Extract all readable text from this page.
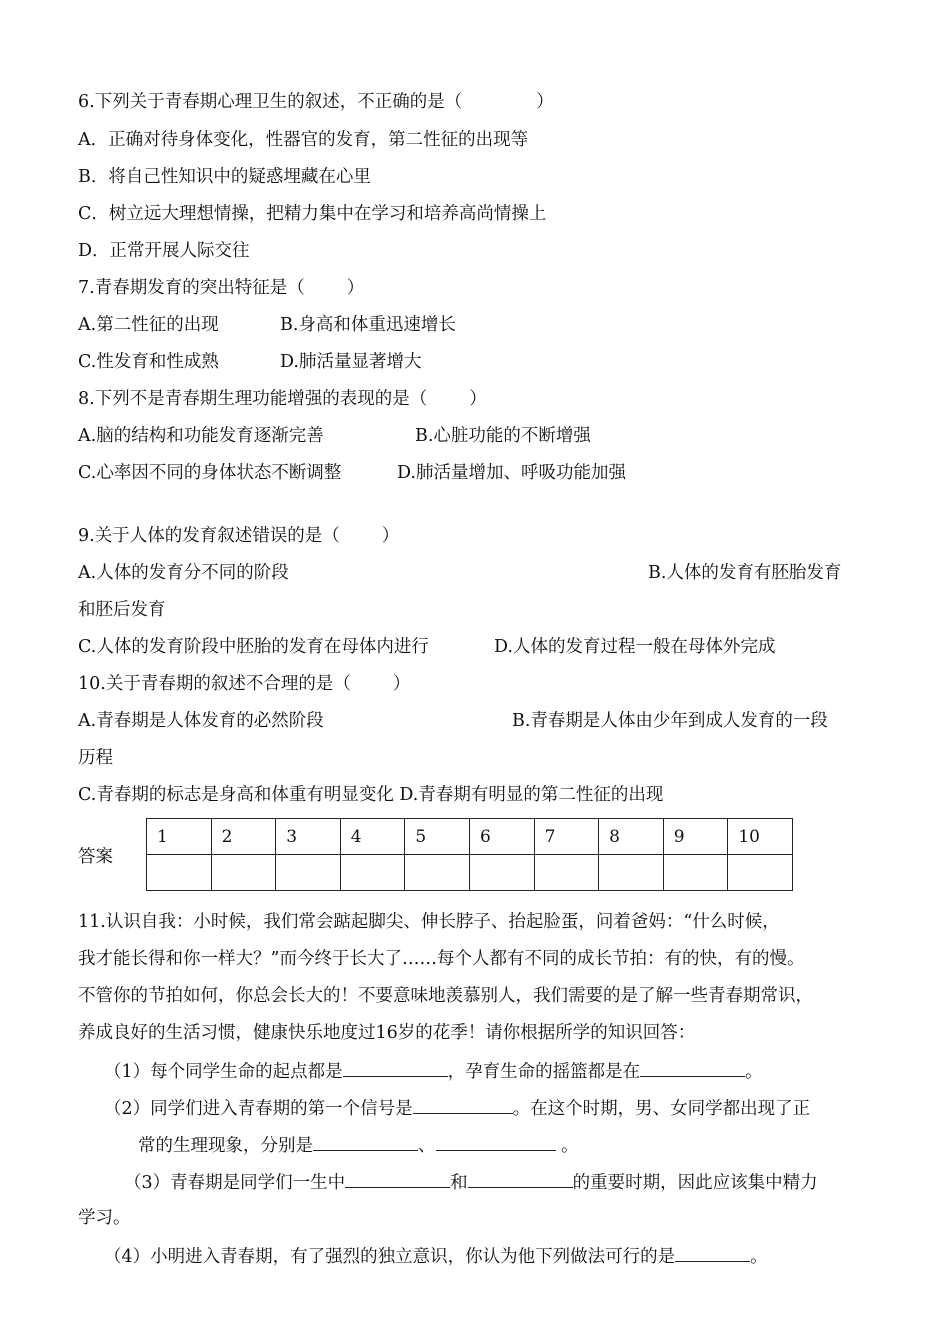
6.下列关于青春期心理卫生的叙述，不正确的是（	）
A．正确对待身体变化，性器官的发育，第二性征的出现等
B．将自己性知识中的疑惑埋藏在心里
C．树立远大理想情操，把精力集中在学习和培养高尚情操上
D．正常开展人际交往
7.青春期发育的突出特征是（ ）
A.第二性征的出现	B.身高和体重迅速增长
C.性发育和性成熟	D.肺活量显著增大
8.下列不是青春期生理功能增强的表现的是（ ）
A.脑的结构和功能发育逐渐完善	B.心脏功能的不断增强
C.心率因不同的身体状态不断调整	D.肺活量增加、呼吸功能加强
9.关于人体的发育叙述错误的是（ ）
A.人体的发育分不同的阶段	B.人体的发育有胚胎发育
和胚后发育
C.人体的发育阶段中胚胎的发育在母体内进行	D.人体的发育过程一般在母体外完成
10.关于青春期的叙述不合理的是（ ）
A.青春期是人体发育的必然阶段	B.青春期是人体由少年到成人发育的一段
历程
C.青春期的标志是身高和体重有明显变化 D.青春期有明显的第二性征的出现
答案
1	2	3	4	5	6	7	8	9	10

11.认识自我：小时候，我们常会踮起脚尖、伸长脖子、抬起脸蛋，问着爸妈：“什么时候，
我才能长得和你一样大？”而今终于长大了……每个人都有不同的成长节拍：有的快，有的慢。
不管你的节拍如何，你总会长大的！不要意味地羡慕别人，我们需要的是了解一些青春期常识，
养成良好的生活习惯，健康快乐地度过16岁的花季！请你根据所学的知识回答：
（1）每个同学生命的起点都是	，孕育生命的摇篮都是在	。
（2）同学们进入青春期的第一个信号是	。在这个时期，男、女同学都出现了正
常的生理现象，分别是	、	。
（3）青春期是同学们一生中	和	的重要时期，因此应该集中精力
学习。
（4）小明进入青春期，有了强烈的独立意识，你认为他下列做法可行的是	。
